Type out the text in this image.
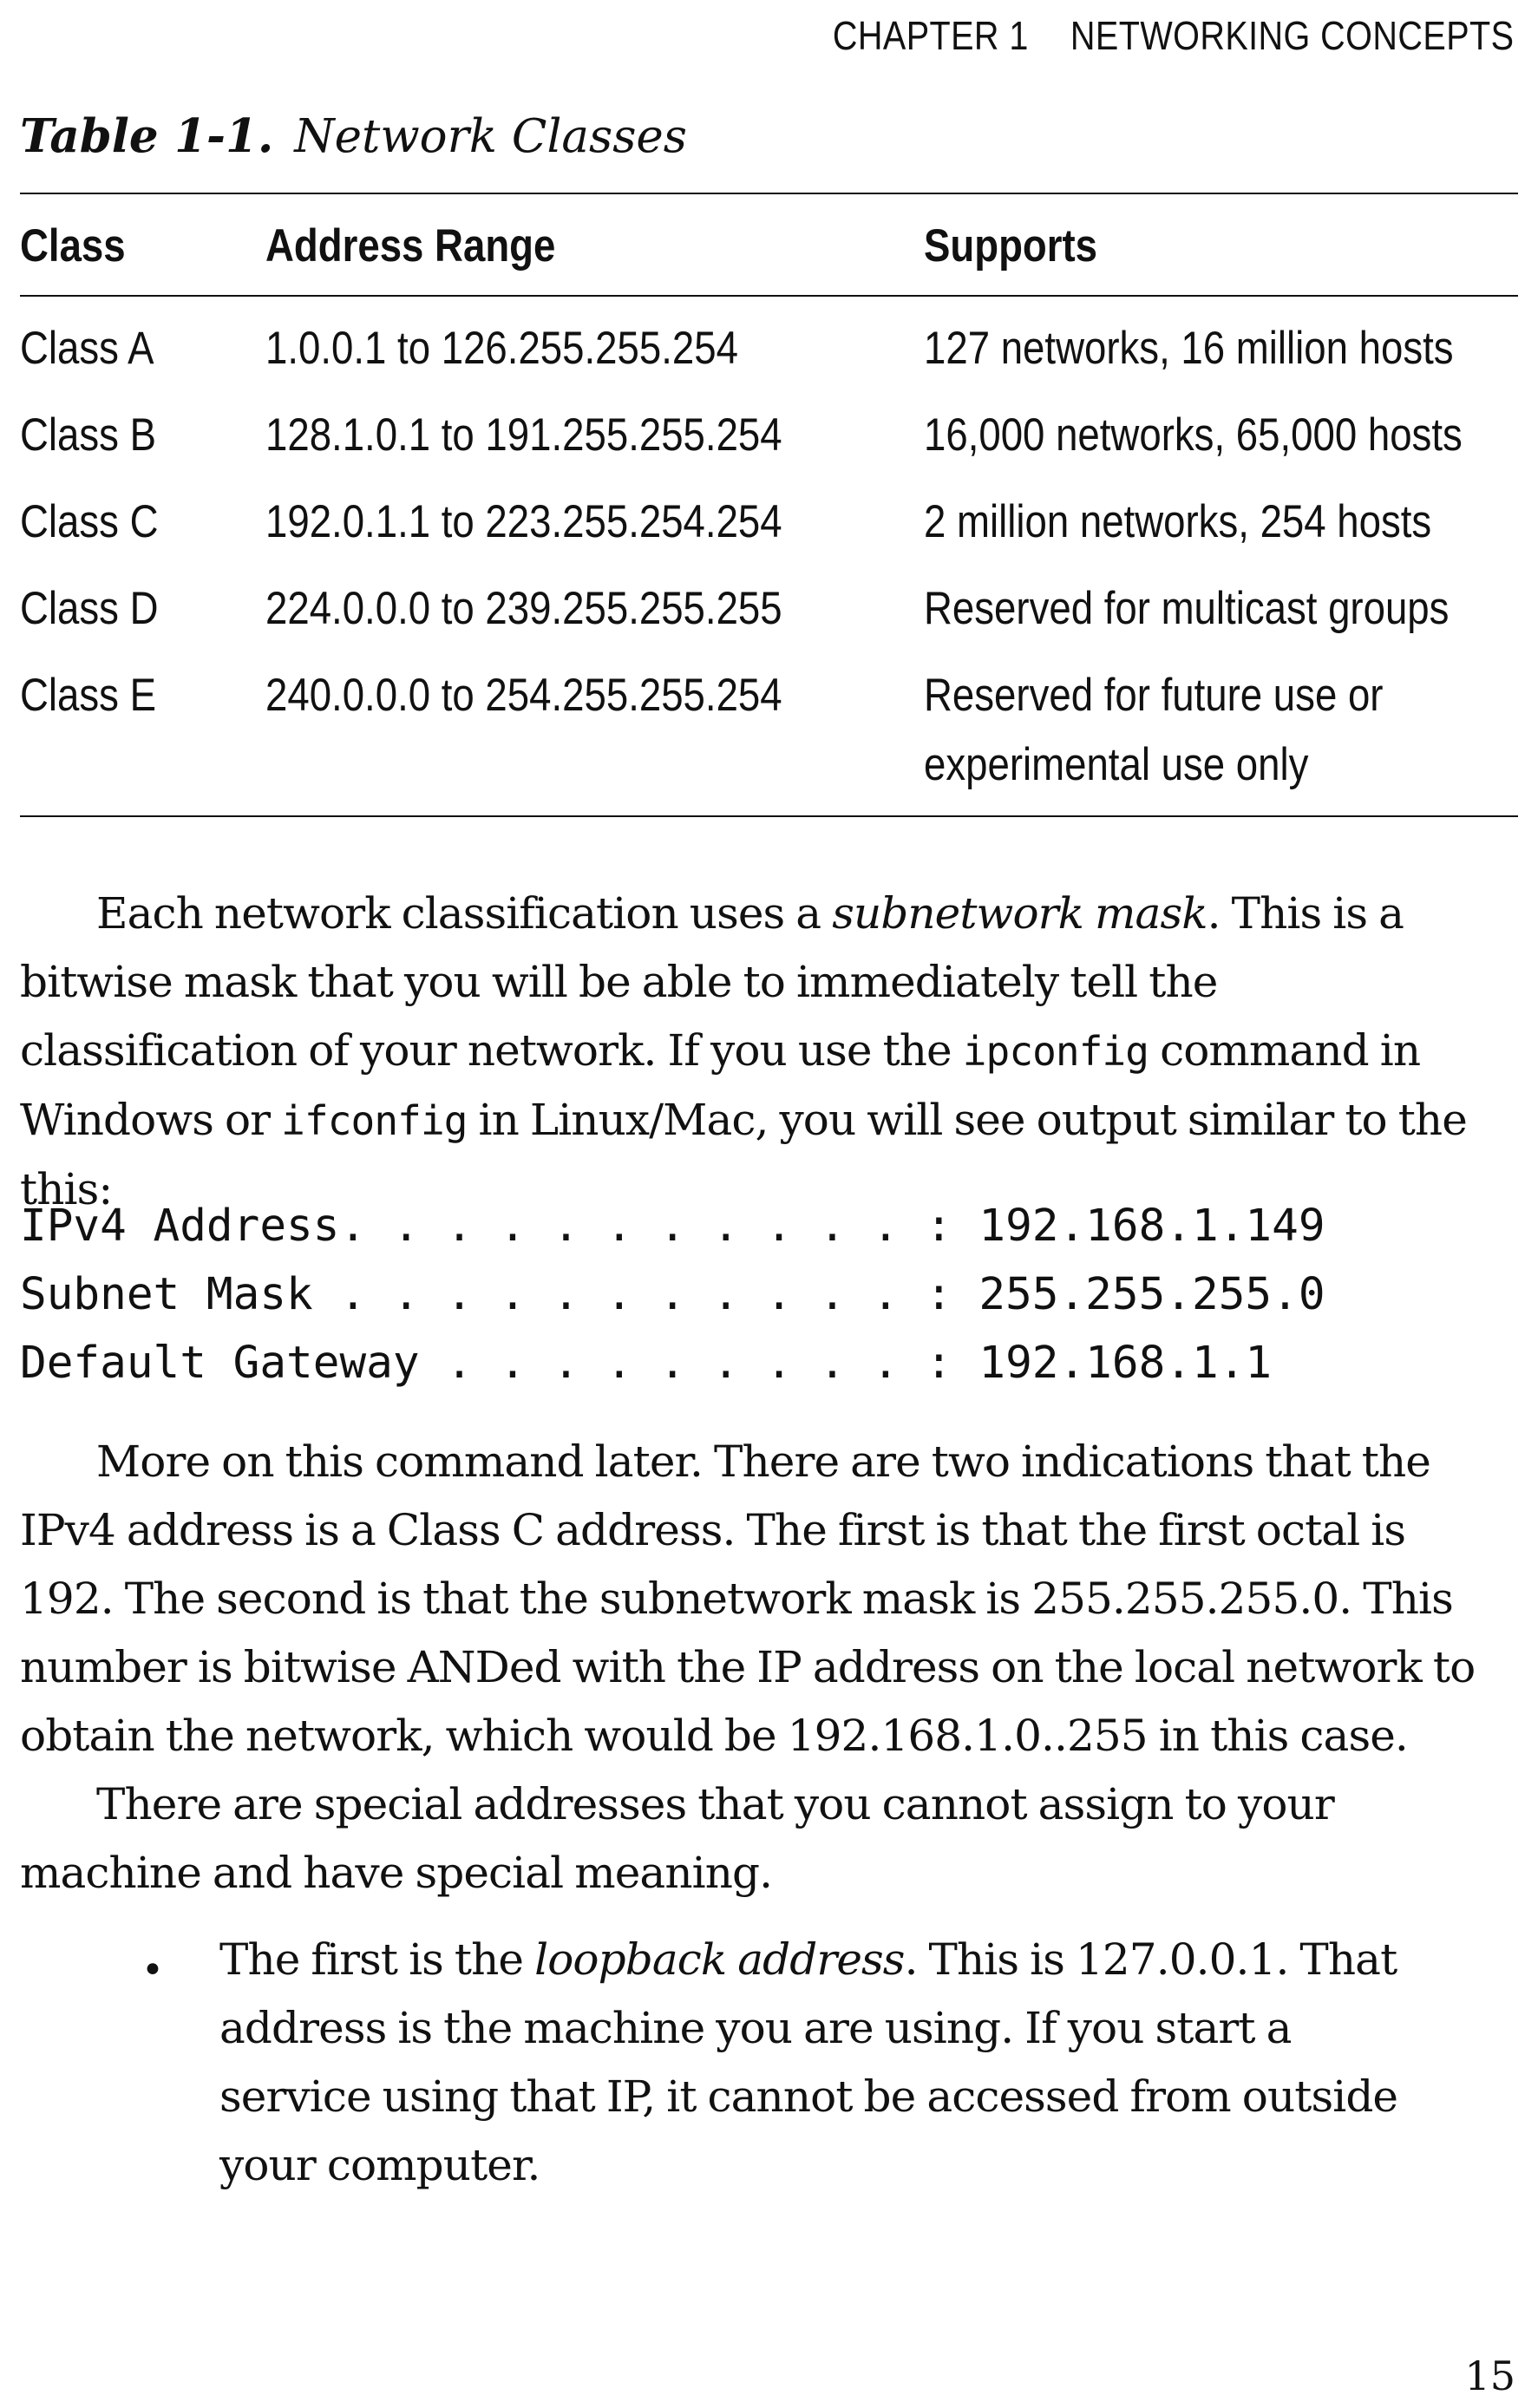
CHAPTER 1 NETWORKING CONCEPTS
Table 1-1. Network Classes
Class	Address Range	Supports
Class A 1.0.0.1 to 126.255.255.254	127 networks, 16 million hosts
Class B 128.1.0.1 to 191.255.255.254	16,000 networks, 65,000 hosts
Class C 192.0.1.1 to 223.255.254.254	2 million networks, 254 hosts
Class D 224.0.0.0 to 239.255.255.255	Reserved for multicast groups
Class E 240.0.0.0 to 254.255.255.254	Reserved for future use or
experimental use only
Each network classification uses a subnetwork mask. This is a bitwise mask that you will be able to immediately tell the classification of your network. If you use the ipconfig command in Windows or ifconfig in Linux/Mac, you will see output similar to the this:
IPv4 Address. . . . . . . . . . . : 192.168.1.149
Subnet Mask . . . . . . . . . . . : 255.255.255.0
Default Gateway . . . . . . . . . : 192.168.1.1
More on this command later. There are two indications that the IPv4 address is a Class C address. The first is that the first octal is 192. The second is that the subnetwork mask is 255.255.255.0. This number is bitwise ANDed with the IP address on the local network to obtain the network, which would be 192.168.1.0..255 in this case.
There are special addresses that you cannot assign to your machine and have special meaning.
• The first is the loopback address. This is 127.0.0.1. That address is the machine you are using. If you start a service using that IP, it cannot be accessed from outside your computer.
15
